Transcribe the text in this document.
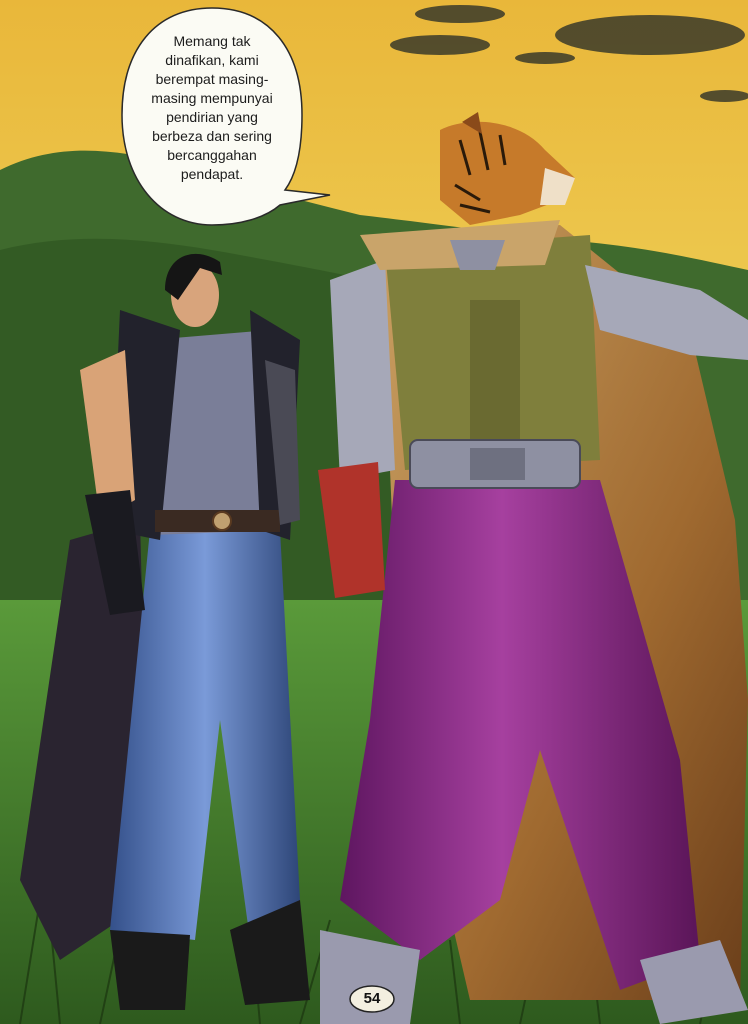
Memang tak
dinafikan, kami
berempat masing-
masing mempunyai
pendirian yang
berbeza dan sering
bercanggahan
pendapat.
54
